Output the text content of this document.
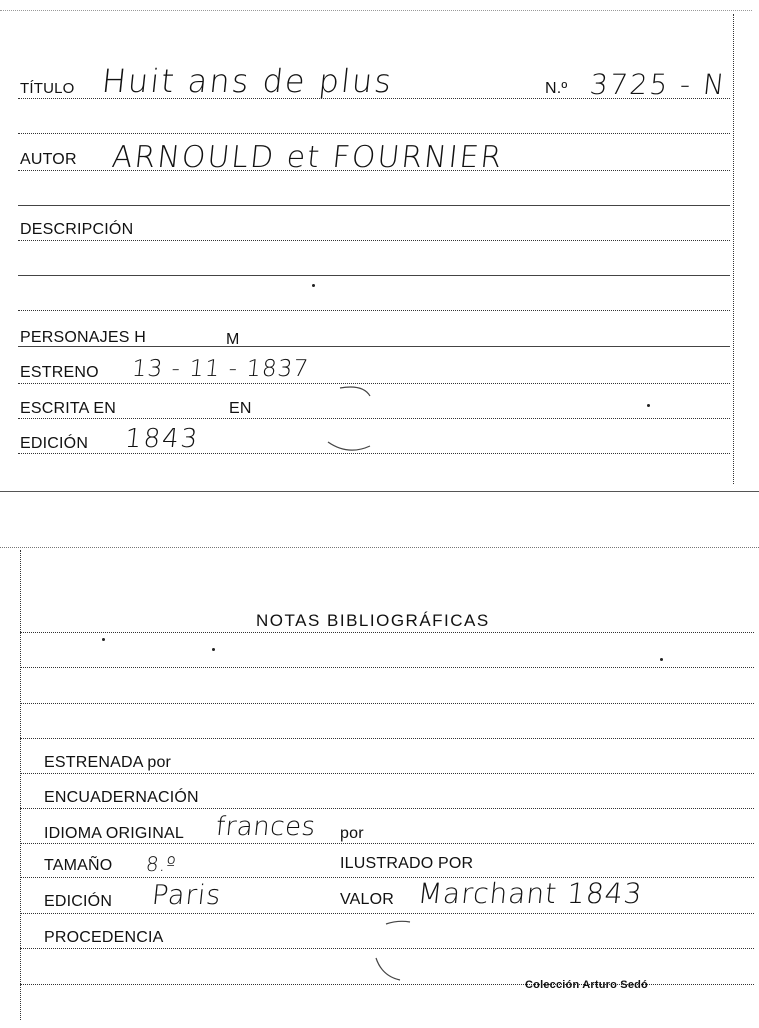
TÍTULO Huit ans de plus	N.º 3725 - N
AUTOR ARNOULD et FOURNIER
DESCRIPCIÓN
PERSONAJES H	M
ESTRENO 13 - 11 - 1837
ESCRITA EN	EN
EDICIÓN 1843
NOTAS BIBLIOGRÁFICAS
ESTRENADA por
ENCUADERNACIÓN
IDIOMA ORIGINAL frances por
TAMAÑO 8.º	ILUSTRADO POR
EDICIÓN Paris	VALOR Marchant 1843
PROCEDENCIA
Colección Arturo Sedó
